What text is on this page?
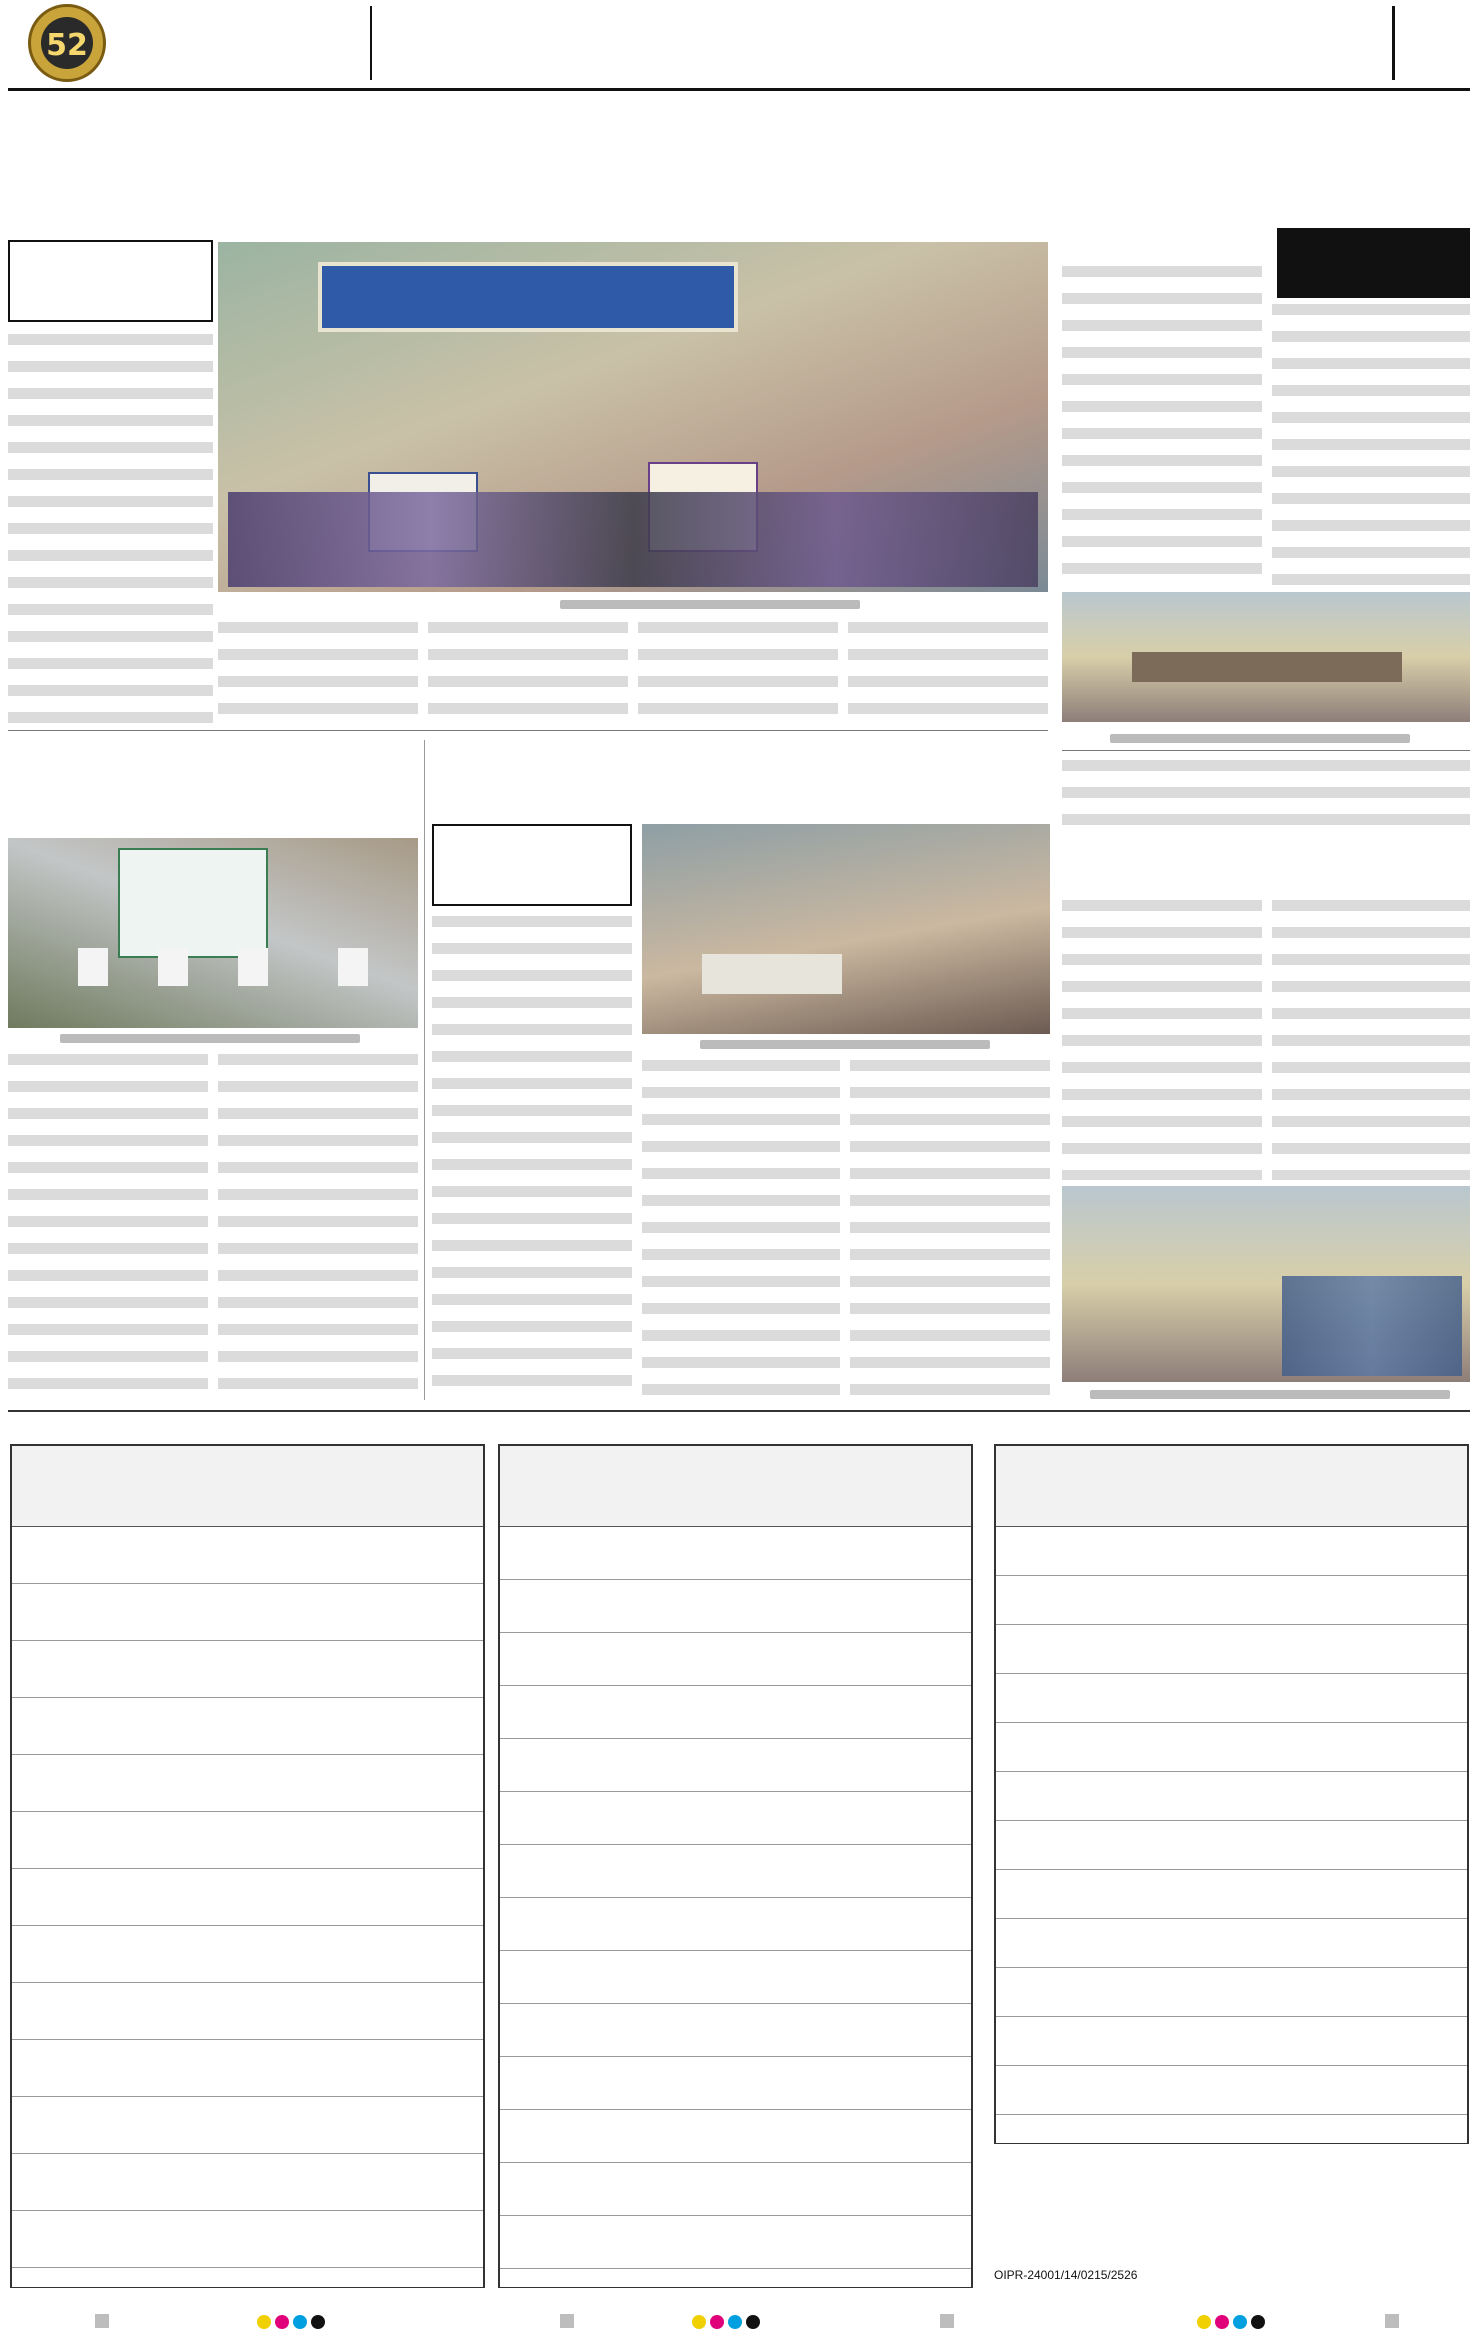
52
OIPR-24001/14/0215/2526
